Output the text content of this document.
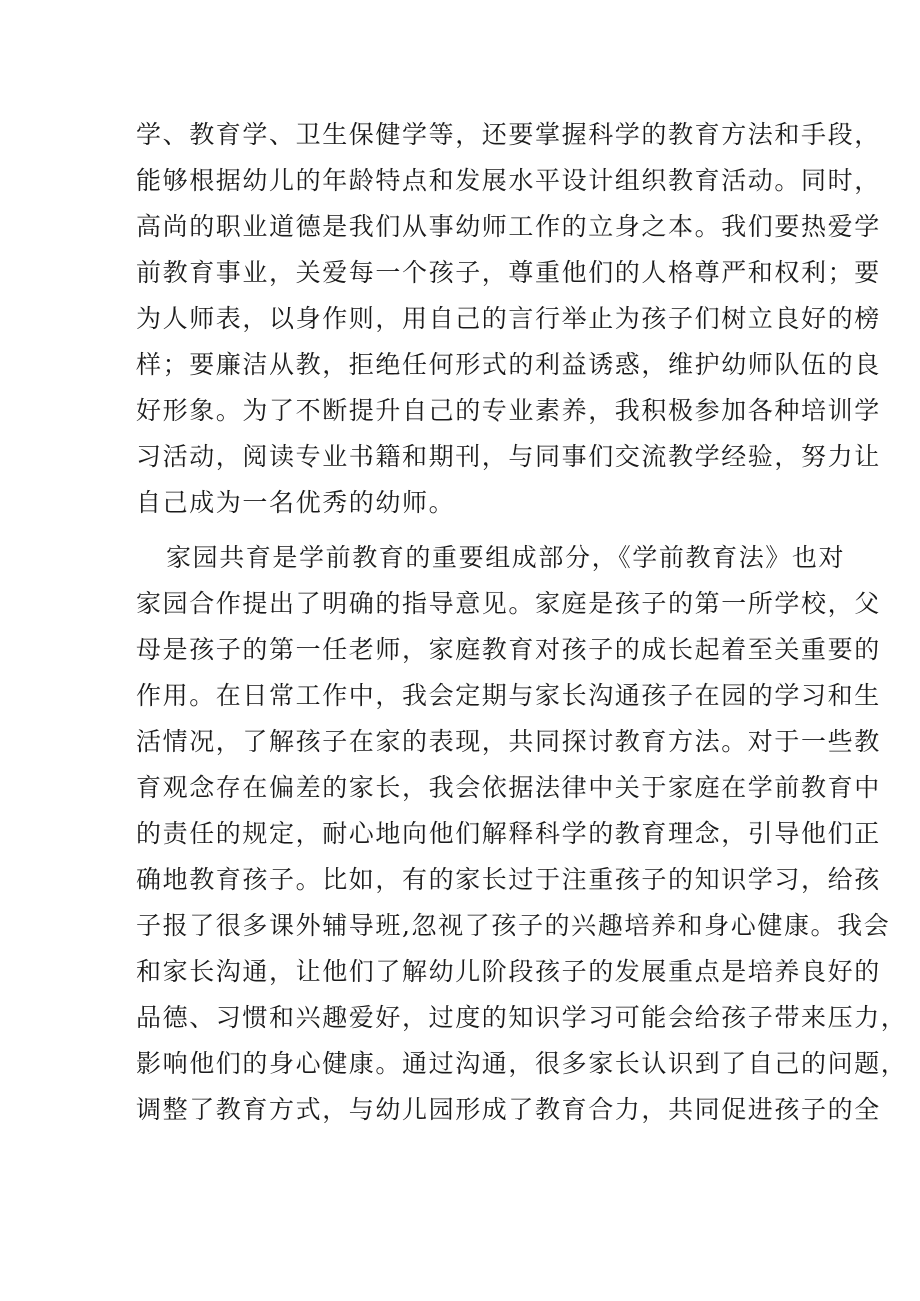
学、教育学、卫生保健学等，还要掌握科学的教育方法和手段，
能够根据幼儿的年龄特点和发展水平设计组织教育活动。同时，
高尚的职业道德是我们从事幼师工作的立身之本。我们要热爱学
前教育事业，关爱每一个孩子，尊重他们的人格尊严和权利；要
为人师表，以身作则，用自己的言行举止为孩子们树立良好的榜
样；要廉洁从教，拒绝任何形式的利益诱惑，维护幼师队伍的良
好形象。为了不断提升自己的专业素养，我积极参加各种培训学
习活动，阅读专业书籍和期刊，与同事们交流教学经验，努力让
自己成为一名优秀的幼师。
家园共育是学前教育的重要组成部分，《学前教育法》也对
家园合作提出了明确的指导意见。家庭是孩子的第一所学校，父
母是孩子的第一任老师，家庭教育对孩子的成长起着至关重要的
作用。在日常工作中，我会定期与家长沟通孩子在园的学习和生
活情况，了解孩子在家的表现，共同探讨教育方法。对于一些教
育观念存在偏差的家长，我会依据法律中关于家庭在学前教育中
的责任的规定，耐心地向他们解释科学的教育理念，引导他们正
确地教育孩子。比如，有的家长过于注重孩子的知识学习，给孩
子报了很多课外辅导班,忽视了孩子的兴趣培养和身心健康。我会
和家长沟通，让他们了解幼儿阶段孩子的发展重点是培养良好的
品德、习惯和兴趣爱好，过度的知识学习可能会给孩子带来压力，
影响他们的身心健康。通过沟通，很多家长认识到了自己的问题，
调整了教育方式，与幼儿园形成了教育合力，共同促进孩子的全
